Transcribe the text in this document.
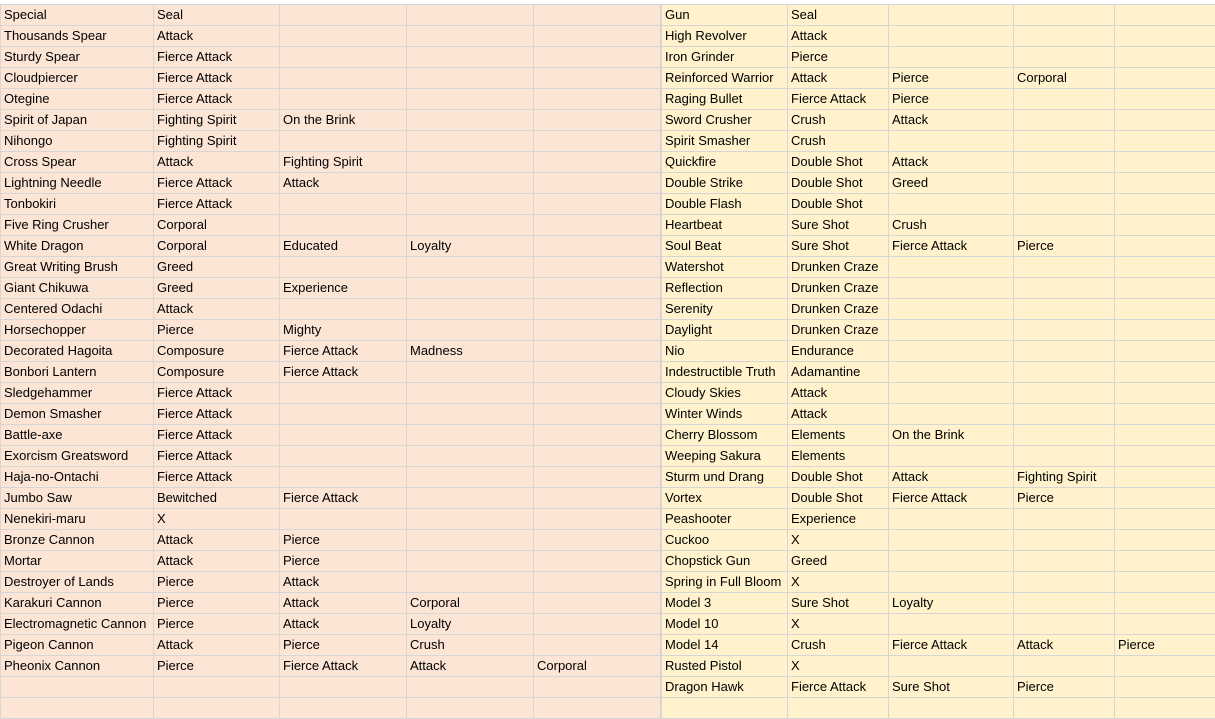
Special	Seal			
Thousands Spear	Attack			
Sturdy Spear	Fierce Attack			
Cloudpiercer	Fierce Attack			
Otegine	Fierce Attack			
Spirit of Japan	Fighting Spirit	On the Brink		
Nihongo	Fighting Spirit			
Cross Spear	Attack	Fighting Spirit		
Lightning Needle	Fierce Attack	Attack		
Tonbokiri	Fierce Attack			
Five Ring Crusher	Corporal			
White Dragon	Corporal	Educated	Loyalty	
Great Writing Brush	Greed			
Giant Chikuwa	Greed	Experience		
Centered Odachi	Attack			
Horsechopper	Pierce	Mighty		
Decorated Hagoita	Composure	Fierce Attack	Madness	
Bonbori Lantern	Composure	Fierce Attack		
Sledgehammer	Fierce Attack			
Demon Smasher	Fierce Attack			
Battle-axe	Fierce Attack			
Exorcism Greatsword	Fierce Attack			
Haja-no-Ontachi	Fierce Attack			
Jumbo Saw	Bewitched	Fierce Attack		
Nenekiri-maru	X			
Bronze Cannon	Attack	Pierce		
Mortar	Attack	Pierce		
Destroyer of Lands	Pierce	Attack		
Karakuri Cannon	Pierce	Attack	Corporal	
Electromagnetic Cannon	Pierce	Attack	Loyalty	
Pigeon Cannon	Attack	Pierce	Crush	
Pheonix Cannon	Pierce	Fierce Attack	Attack	Corporal

Gun	Seal			
High Revolver	Attack			
Iron Grinder	Pierce			
Reinforced Warrior	Attack	Pierce	Corporal	
Raging Bullet	Fierce Attack	Pierce		
Sword Crusher	Crush	Attack		
Spirit Smasher	Crush			
Quickfire	Double Shot	Attack		
Double Strike	Double Shot	Greed		
Double Flash	Double Shot			
Heartbeat	Sure Shot	Crush		
Soul Beat	Sure Shot	Fierce Attack	Pierce	
Watershot	Drunken Craze			
Reflection	Drunken Craze			
Serenity	Drunken Craze			
Daylight	Drunken Craze			
Nio	Endurance			
Indestructible Truth	Adamantine			
Cloudy Skies	Attack			
Winter Winds	Attack			
Cherry Blossom	Elements	On the Brink		
Weeping Sakura	Elements			
Sturm und Drang	Double Shot	Attack	Fighting Spirit	
Vortex	Double Shot	Fierce Attack	Pierce	
Peashooter	Experience			
Cuckoo	X			
Chopstick Gun	Greed			
Spring in Full Bloom	X			
Model 3	Sure Shot	Loyalty		
Model 10	X			
Model 14	Crush	Fierce Attack	Attack	Pierce
Rusted Pistol	X			
Dragon Hawk	Fierce Attack	Sure Shot	Pierce	
